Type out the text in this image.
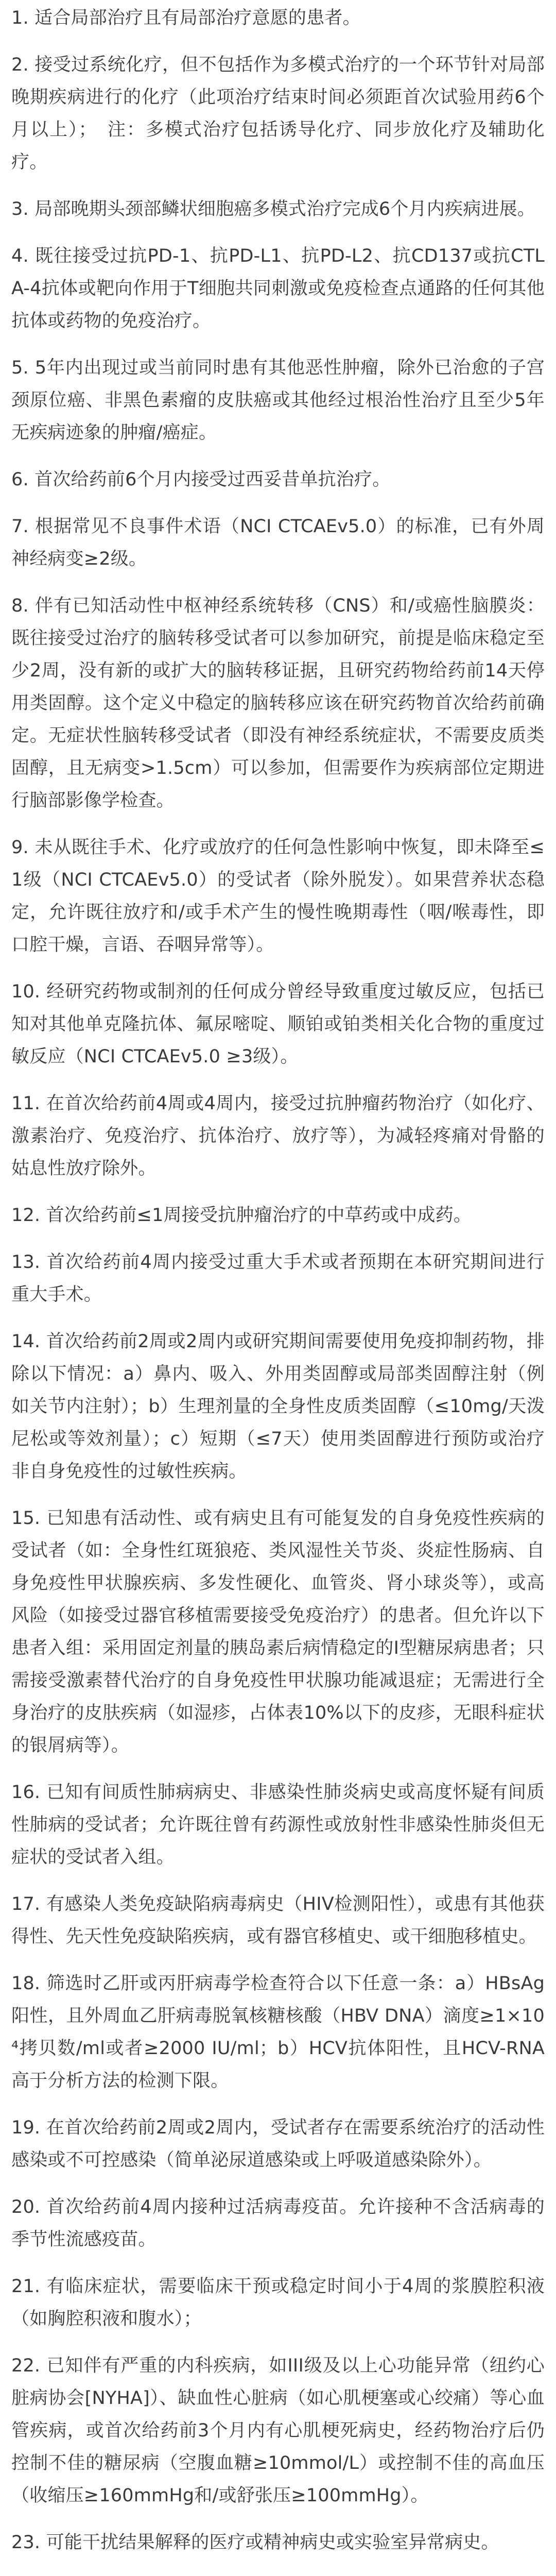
1. 适合局部治疗且有局部治疗意愿的患者。

2. 接受过系统化疗，但不包括作为多模式治疗的一个环节针对局部晚期疾病进行的化疗（此项治疗结束时间必须距首次试验用药6个月以上）；　注：多模式治疗包括诱导化疗、同步放化疗及辅助化疗。

3. 局部晚期头颈部鳞状细胞癌多模式治疗完成6个月内疾病进展。

4. 既往接受过抗PD-1、抗PD-L1、抗PD-L2、抗CD137或抗CTLA-4抗体或靶向作用于T细胞共同刺激或免疫检查点通路的任何其他抗体或药物的免疫治疗。

5. 5年内出现过或当前同时患有其他恶性肿瘤，除外已治愈的子宫颈原位癌、非黑色素瘤的皮肤癌或其他经过根治性治疗且至少5年无疾病迹象的肿瘤/癌症。

6. 首次给药前6个月内接受过西妥昔单抗治疗。

7. 根据常见不良事件术语（NCI CTCAEv5.0）的标准，已有外周神经病变≥2级。

8. 伴有已知活动性中枢神经系统转移（CNS）和/或癌性脑膜炎：既往接受过治疗的脑转移受试者可以参加研究，前提是临床稳定至少2周，没有新的或扩大的脑转移证据，且研究药物给药前14天停用类固醇。这个定义中稳定的脑转移应该在研究药物首次给药前确定。无症状性脑转移受试者（即没有神经系统症状，不需要皮质类固醇，且无病变>1.5cm）可以参加，但需要作为疾病部位定期进行脑部影像学检查。

9. 未从既往手术、化疗或放疗的任何急性影响中恢复，即未降至≤1级（NCI CTCAEv5.0）的受试者（除外脱发）。如果营养状态稳定，允许既往放疗和/或手术产生的慢性晚期毒性（咽/喉毒性，即口腔干燥，言语、吞咽异常等）。

10. 经研究药物或制剂的任何成分曾经导致重度过敏反应，包括已知对其他单克隆抗体、氟尿嘧啶、顺铂或铂类相关化合物的重度过敏反应（NCI CTCAEv5.0 ≥3级）。

11. 在首次给药前4周或4周内，接受过抗肿瘤药物治疗（如化疗、激素治疗、免疫治疗、抗体治疗、放疗等），为减轻疼痛对骨骼的姑息性放疗除外。

12. 首次给药前≤1周接受抗肿瘤治疗的中草药或中成药。

13. 首次给药前4周内接受过重大手术或者预期在本研究期间进行重大手术。

14. 首次给药前2周或2周内或研究期间需要使用免疫抑制药物，排除以下情况：a）鼻内、吸入、外用类固醇或局部类固醇注射（例如关节内注射）；b）生理剂量的全身性皮质类固醇（≤10mg/天泼尼松或等效剂量）；c）短期（≤7天）使用类固醇进行预防或治疗非自身免疫性的过敏性疾病。

15. 已知患有活动性、或有病史且有可能复发的自身免疫性疾病的受试者（如：全身性红斑狼疮、类风湿性关节炎、炎症性肠病、自身免疫性甲状腺疾病、多发性硬化、血管炎、肾小球炎等），或高风险（如接受过器官移植需要接受免疫治疗）的患者。但允许以下患者入组：采用固定剂量的胰岛素后病情稳定的I型糖尿病患者；只需接受激素替代治疗的自身免疫性甲状腺功能减退症；无需进行全身治疗的皮肤疾病（如湿疹，占体表10%以下的皮疹，无眼科症状的银屑病等）。

16. 已知有间质性肺病病史、非感染性肺炎病史或高度怀疑有间质性肺病的受试者；允许既往曾有药源性或放射性非感染性肺炎但无症状的受试者入组。

17. 有感染人类免疫缺陷病毒病史（HIV检测阳性），或患有其他获得性、先天性免疫缺陷疾病，或有器官移植史、或干细胞移植史。

18. 筛选时乙肝或丙肝病毒学检查符合以下任意一条：a）HBsAg阳性，且外周血乙肝病毒脱氧核糖核酸（HBV DNA）滴度≥1×10⁴拷贝数/ml或者≥2000 IU/ml；b）HCV抗体阳性，且HCV-RNA高于分析方法的检测下限。

19. 在首次给药前2周或2周内，受试者存在需要系统治疗的活动性感染或不可控感染（简单泌尿道感染或上呼吸道感染除外）。

20. 首次给药前4周内接种过活病毒疫苗。允许接种不含活病毒的季节性流感疫苗。

21. 有临床症状，需要临床干预或稳定时间小于4周的浆膜腔积液（如胸腔积液和腹水）；

22. 已知伴有严重的内科疾病，如III级及以上心功能异常（纽约心脏病协会[NYHA]）、缺血性心脏病（如心肌梗塞或心绞痛）等心血管疾病，或首次给药前3个月内有心肌梗死病史，经药物治疗后仍控制不佳的糖尿病（空腹血糖≥10mmol/L）或控制不佳的高血压（收缩压≥160mmHg和/或舒张压≥100mmHg）。

23. 可能干扰结果解释的医疗或精神病史或实验室异常病史。
